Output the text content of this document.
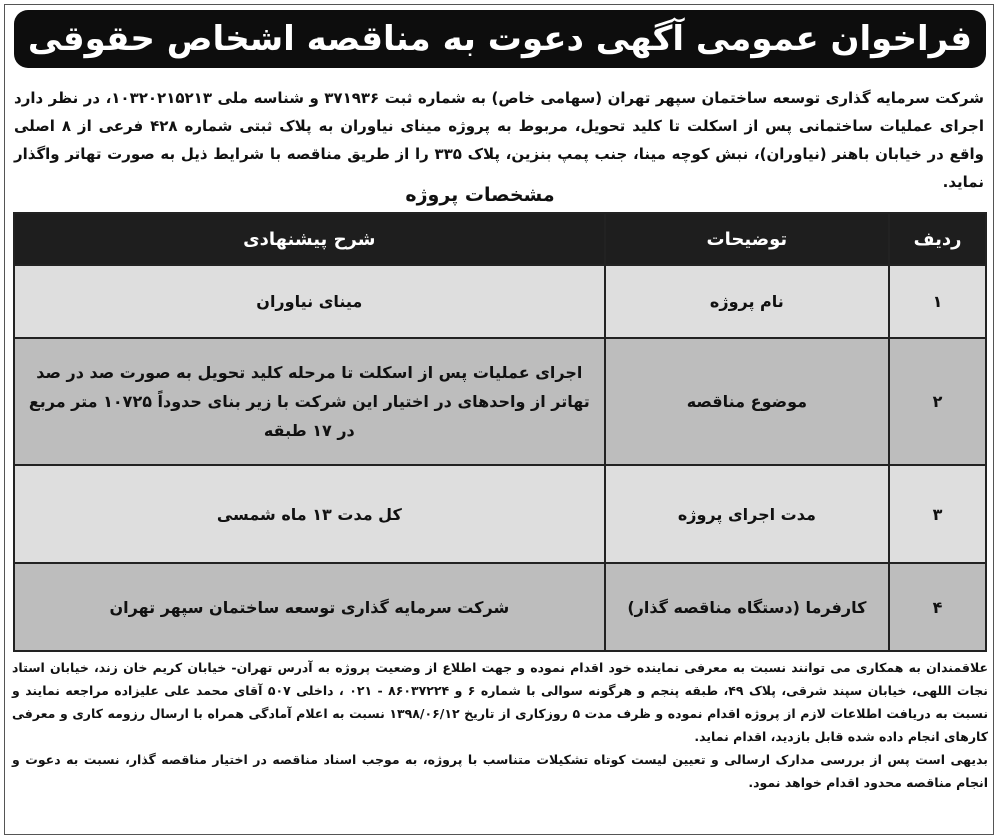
فراخوان عمومی آگهی دعوت به مناقصه اشخاص حقوقی
شرکت سرمایه گذاری توسعه ساختمان سپهر تهران (سهامی خاص) به شماره ثبت ۳۷۱۹۳۶ و شناسه ملی ۱۰۳۲۰۲۱۵۲۱۳، در نظر دارد اجرای عملیات ساختمانی پس از اسکلت تا کلید تحویل، مربوط به پروژه مینای نیاوران به پلاک ثبتی شماره ۴۲۸ فرعی از ۸ اصلی واقع در خیابان باهنر (نیاوران)، نبش کوچه مینا، جنب پمپ بنزین، پلاک ۳۳۵ را از طریق مناقصه با شرایط ذیل به صورت تهاتر واگذار نماید.
مشخصات پروژه
ردیف	توضیحات	شرح پیشنهادی
۱	نام پروژه	مینای نیاوران
۲	موضوع مناقصه	اجرای عملیات پس از اسکلت تا مرحله کلید تحویل به صورت صد در صد تهاتر از واحدهای در اختیار این شرکت با زیر بنای حدوداً ۱۰۷۲۵ متر مربع در ۱۷ طبقه
۳	مدت اجرای پروژه	کل مدت ۱۳ ماه شمسی
۴	کارفرما (دستگاه مناقصه گذار)	شرکت سرمایه گذاری توسعه ساختمان سپهر تهران

علاقمندان به همکاری می توانند نسبت به معرفی نماینده خود اقدام نموده و جهت اطلاع از وضعیت پروژه به آدرس تهران- خیابان کریم خان زند، خیابان استاد نجات اللهی، خیابان سپند شرقی، پلاک ۴۹، طبقه پنجم و هرگونه سوالی با شماره ۶ و ۸۶۰۳۷۲۲۴ - ۰۲۱ ، داخلی ۵۰۷ آقای محمد علی علیزاده مراجعه نمایند و نسبت به دریافت اطلاعات لازم از پروژه اقدام نموده و ظرف مدت ۵ روزکاری از تاریخ ۱۳۹۸/۰۶/۱۲ نسبت به اعلام آمادگی همراه با ارسال رزومه کاری و معرفی کارهای انجام داده شده قابل بازدید، اقدام نماید.

بدیهی است پس از بررسی مدارک ارسالی و تعیین لیست کوتاه تشکیلات متناسب با پروژه، به موجب اسناد مناقصه در اختیار مناقصه گذار، نسبت به دعوت و انجام مناقصه محدود اقدام خواهد نمود.
